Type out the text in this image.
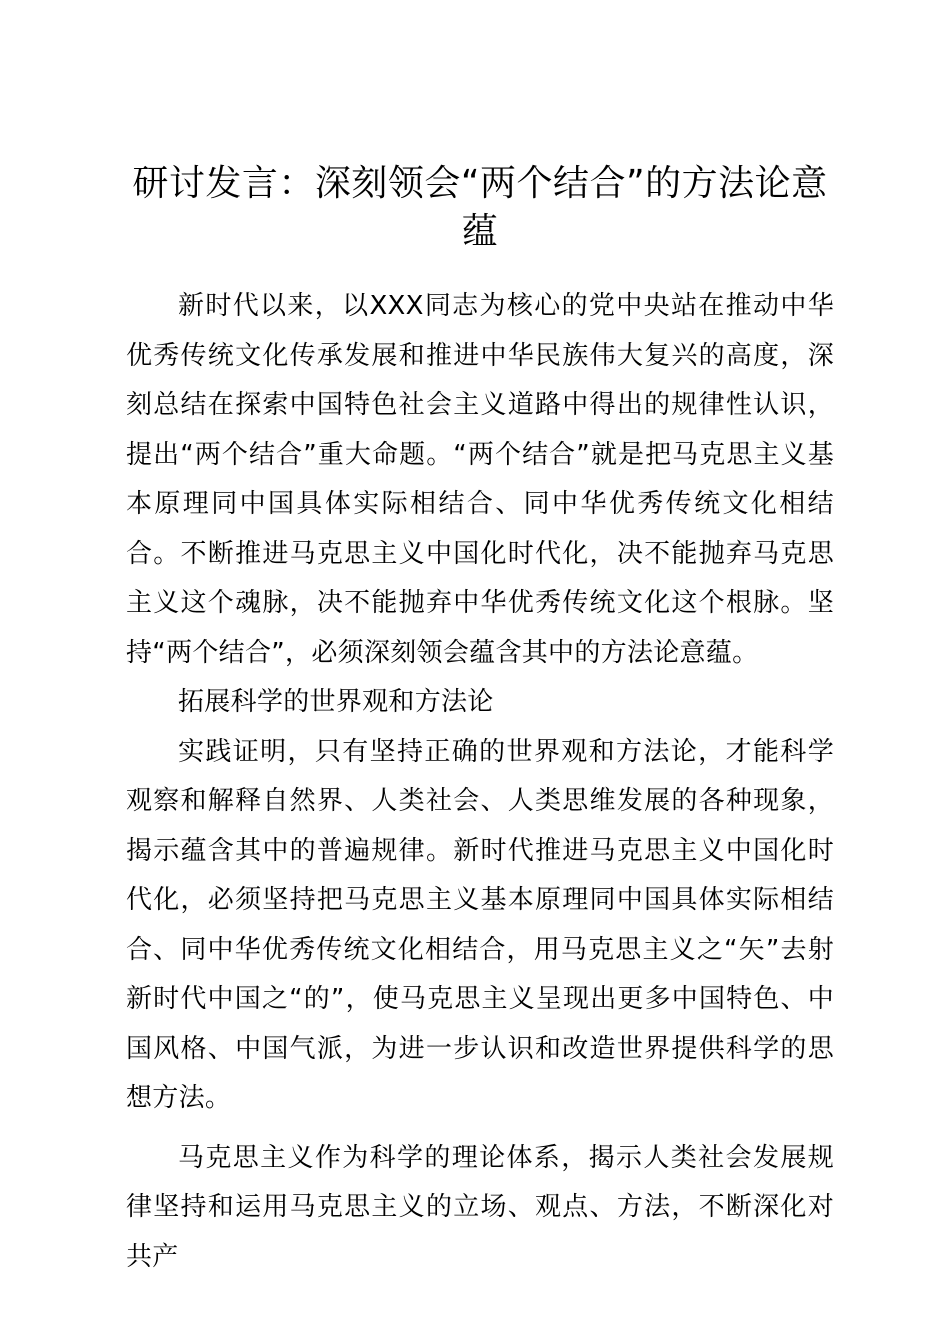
研讨发言：深刻领会“两个结合”的方法论意蕴

新时代以来，以XXX同志为核心的党中央站在推动中华优秀传统文化传承发展和推进中华民族伟大复兴的高度，深刻总结在探索中国特色社会主义道路中得出的规律性认识，提出“两个结合”重大命题。“两个结合”就是把马克思主义基本原理同中国具体实际相结合、同中华优秀传统文化相结合。不断推进马克思主义中国化时代化，决不能抛弃马克思主义这个魂脉，决不能抛弃中华优秀传统文化这个根脉。坚持“两个结合”，必须深刻领会蕴含其中的方法论意蕴。

拓展科学的世界观和方法论

实践证明，只有坚持正确的世界观和方法论，才能科学观察和解释自然界、人类社会、人类思维发展的各种现象，揭示蕴含其中的普遍规律。新时代推进马克思主义中国化时代化，必须坚持把马克思主义基本原理同中国具体实际相结合、同中华优秀传统文化相结合，用马克思主义之“矢”去射新时代中国之“的”，使马克思主义呈现出更多中国特色、中国风格、中国气派，为进一步认识和改造世界提供科学的思想方法。

马克思主义作为科学的理论体系，揭示人类社会发展规律坚持和运用马克思主义的立场、观点、方法，不断深化对共产
